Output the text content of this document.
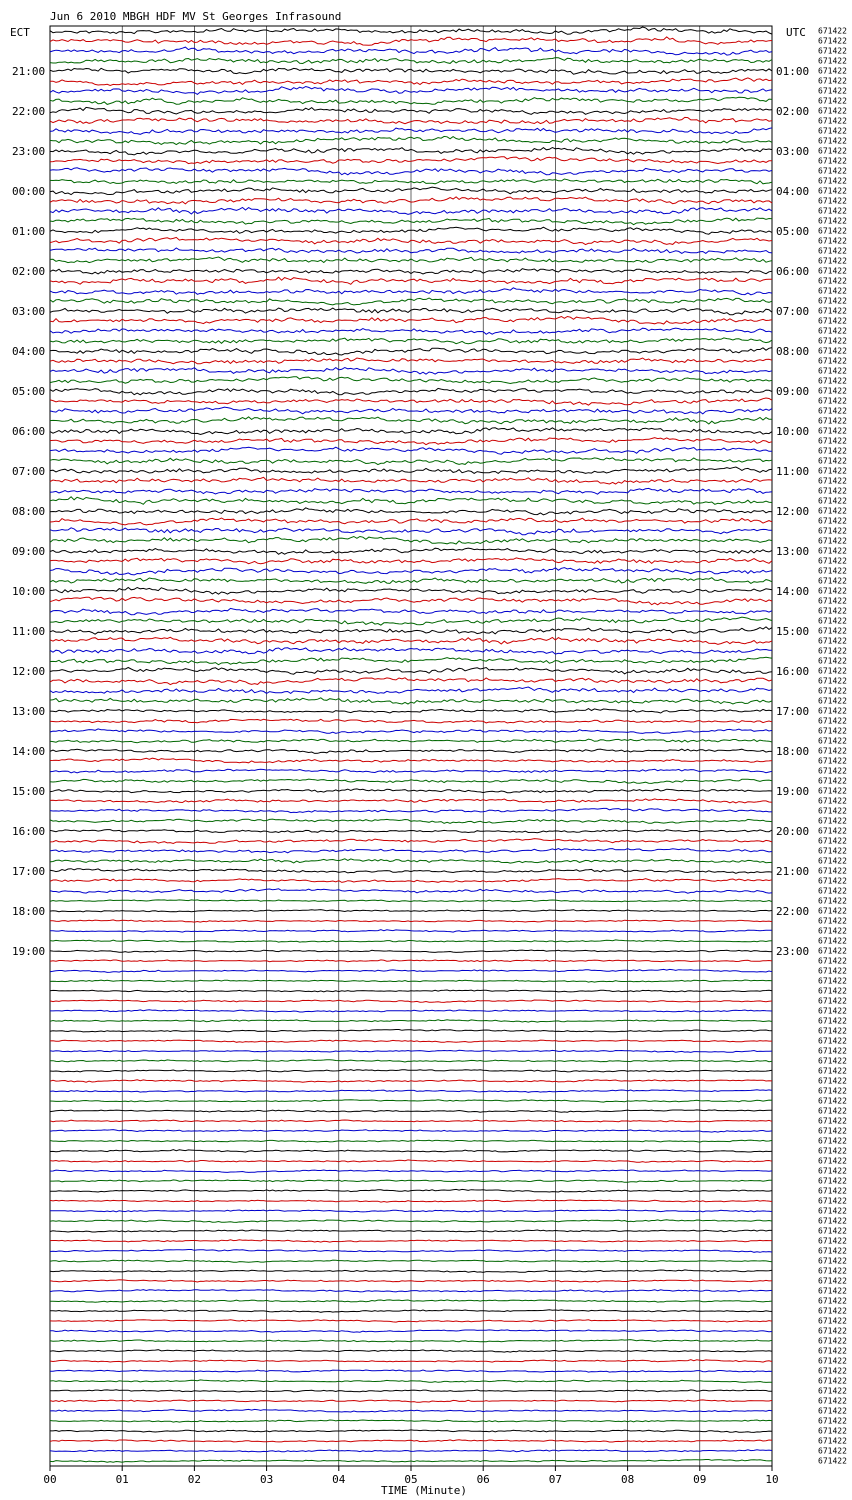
Jun 6 2010 MBGH HDF MV St Georges Infrasound
ECT	UTC
21:00
22:00
23:00
00:00
01:00
02:00
03:00
04:00
05:00
06:00
07:00
08:00
09:00
10:00
11:00
12:00
13:00
14:00
15:00
16:00
17:00
18:00
19:00
01:00
02:00
03:00
04:00
05:00
06:00
07:00
08:00
09:00
10:00
11:00
12:00
13:00
14:00
15:00
16:00
17:00
18:00
19:00
20:00
21:00
22:00
23:00
671422
671422
671422
671422
671422
671422
671422
671422
671422
671422
671422
671422
671422
671422
671422
671422
671422
671422
671422
671422
671422
671422
671422
671422
671422
671422
671422
671422
671422
671422
671422
671422
671422
671422
671422
671422
671422
671422
671422
671422
671422
671422
671422
671422
671422
671422
671422
671422
671422
671422
671422
671422
671422
671422
671422
671422
671422
671422
671422
671422
671422
671422
671422
671422
671422
671422
671422
671422
671422
671422
671422
671422
671422
671422
671422
671422
671422
671422
671422
671422
671422
671422
671422
671422
671422
671422
671422
671422
671422
671422
671422
671422
671422
671422
671422
671422
671422
671422
671422
671422
671422
671422
671422
671422
671422
671422
671422
671422
671422
671422
671422
671422
671422
671422
671422
671422
671422
671422
671422
671422
671422
671422
671422
671422
671422
671422
671422
671422
671422
671422
671422
671422
671422
671422
671422
671422
671422
671422
671422
671422
671422
671422
671422
671422
00	01	02	03	04	05	06	07	08	09	10
TIME (Minute)
